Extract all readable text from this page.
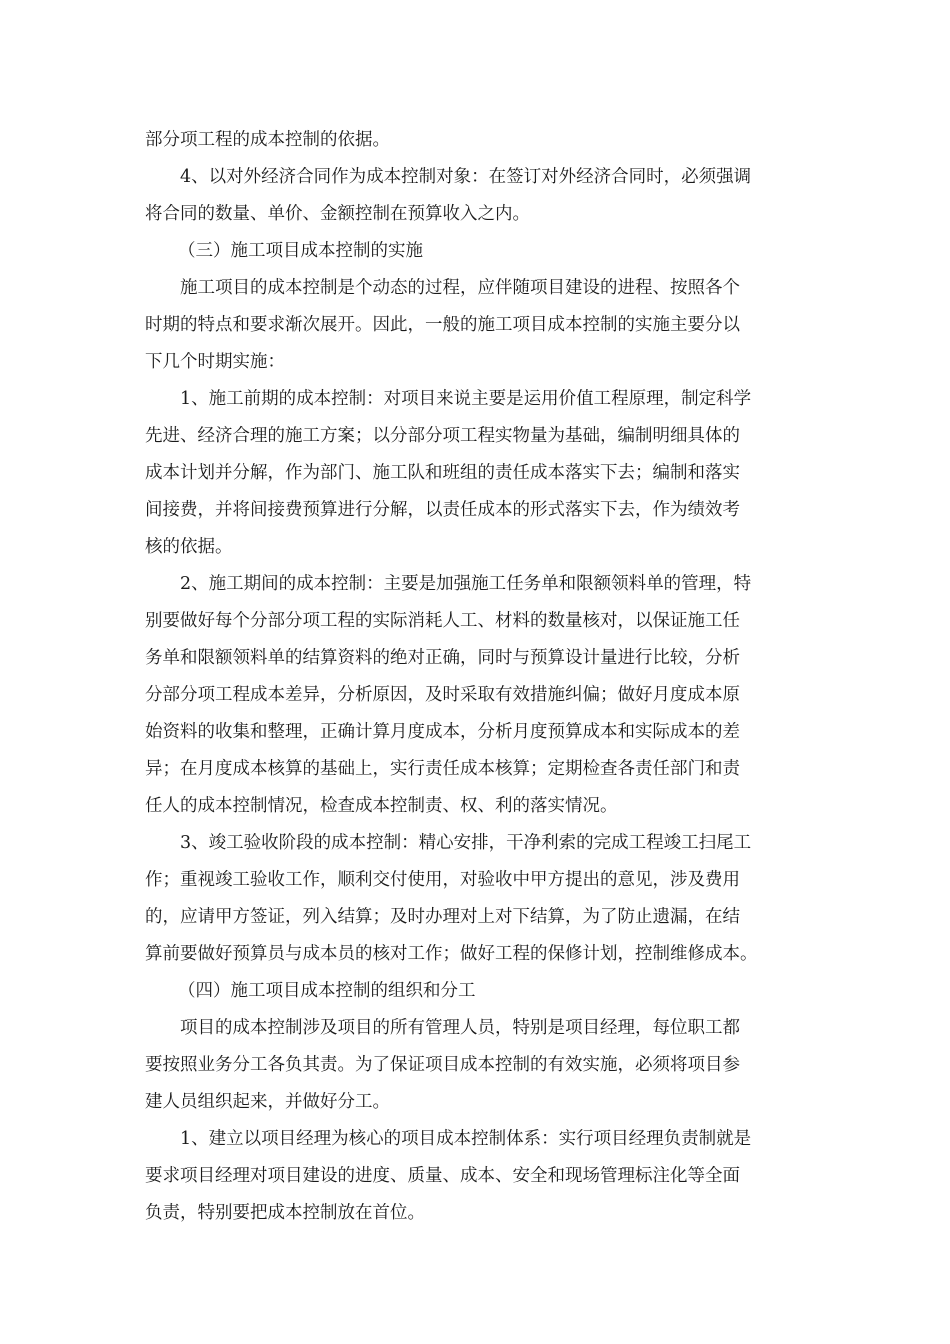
部分项工程的成本控制的依据。

　　4、以对外经济合同作为成本控制对象：在签订对外经济合同时，必须强调
将合同的数量、单价、金额控制在预算收入之内。

（三）施工项目成本控制的实施

　　施工项目的成本控制是个动态的过程，应伴随项目建设的进程、按照各个
时期的特点和要求渐次展开。因此，一般的施工项目成本控制的实施主要分以
下几个时期实施：

　　1、施工前期的成本控制：对项目来说主要是运用价值工程原理，制定科学
先进、经济合理的施工方案；以分部分项工程实物量为基础，编制明细具体的
成本计划并分解，作为部门、施工队和班组的责任成本落实下去；编制和落实
间接费，并将间接费预算进行分解，以责任成本的形式落实下去，作为绩效考
核的依据。

　　2、施工期间的成本控制：主要是加强施工任务单和限额领料单的管理，特
别要做好每个分部分项工程的实际消耗人工、材料的数量核对，以保证施工任
务单和限额领料单的结算资料的绝对正确，同时与预算设计量进行比较，分析
分部分项工程成本差异，分析原因，及时采取有效措施纠偏；做好月度成本原
始资料的收集和整理，正确计算月度成本，分析月度预算成本和实际成本的差
异；在月度成本核算的基础上，实行责任成本核算；定期检查各责任部门和责
任人的成本控制情况，检查成本控制责、权、利的落实情况。

　　3、竣工验收阶段的成本控制：精心安排，干净利索的完成工程竣工扫尾工
作；重视竣工验收工作，顺利交付使用，对验收中甲方提出的意见，涉及费用
的，应请甲方签证，列入结算；及时办理对上对下结算，为了防止遗漏，在结
算前要做好预算员与成本员的核对工作；做好工程的保修计划，控制维修成本。

（四）施工项目成本控制的组织和分工

　　项目的成本控制涉及项目的所有管理人员，特别是项目经理，每位职工都
要按照业务分工各负其责。为了保证项目成本控制的有效实施，必须将项目参
建人员组织起来，并做好分工。

　　1、建立以项目经理为核心的项目成本控制体系：实行项目经理负责制就是
要求项目经理对项目建设的进度、质量、成本、安全和现场管理标注化等全面
负责，特别要把成本控制放在首位。
